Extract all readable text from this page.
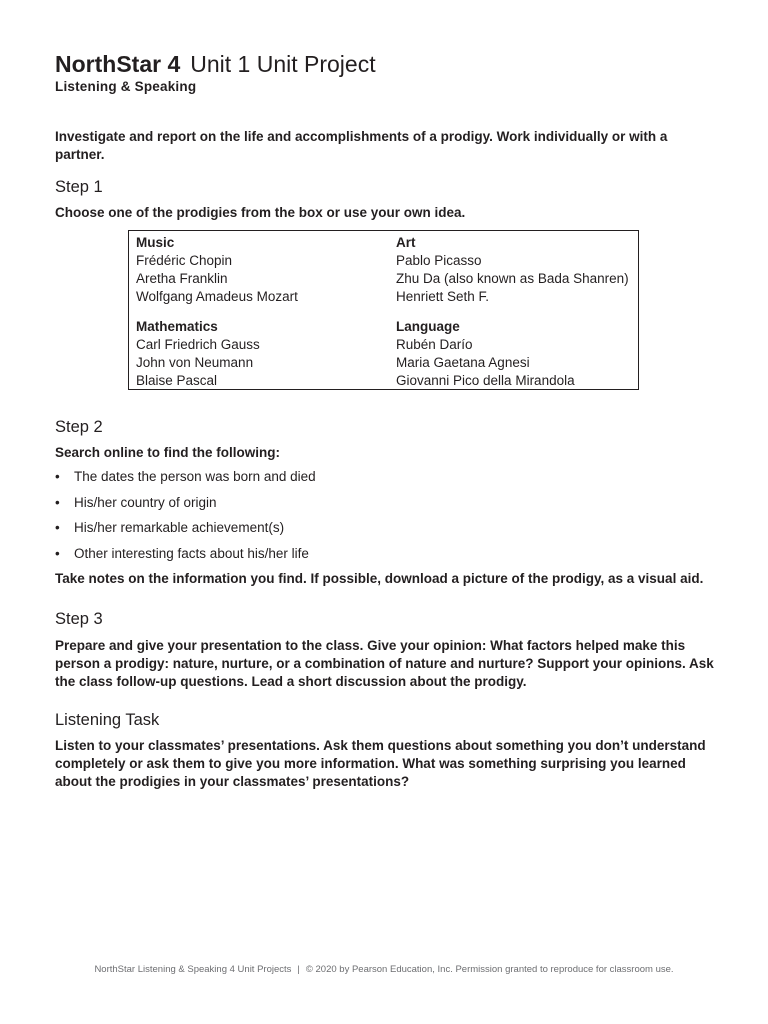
NorthStar 4 Unit 1 Unit Project
Listening & Speaking
Investigate and report on the life and accomplishments of a prodigy. Work individually or with a partner.
Step 1
Choose one of the prodigies from the box or use your own idea.
Music
Frédéric Chopin
Aretha Franklin
Wolfgang Amadeus Mozart
Art
Pablo Picasso
Zhu Da (also known as Bada Shanren)
Henriett Seth F.
Mathematics
Carl Friedrich Gauss
John von Neumann
Blaise Pascal
Language
Rubén Darío
Maria Gaetana Agnesi
Giovanni Pico della Mirandola
Step 2
Search online to find the following:
• The dates the person was born and died
• His/her country of origin
• His/her remarkable achievement(s)
• Other interesting facts about his/her life
Take notes on the information you find. If possible, download a picture of the prodigy, as a visual aid.
Step 3
Prepare and give your presentation to the class. Give your opinion: What factors helped make this person a prodigy: nature, nurture, or a combination of nature and nurture? Support your opinions. Ask the class follow-up questions. Lead a short discussion about the prodigy.
Listening Task
Listen to your classmates’ presentations. Ask them questions about something you don’t understand completely or ask them to give you more information. What was something surprising you learned about the prodigies in your classmates’ presentations?
NorthStar Listening & Speaking 4 Unit Projects | © 2020 by Pearson Education, Inc. Permission granted to reproduce for classroom use.
